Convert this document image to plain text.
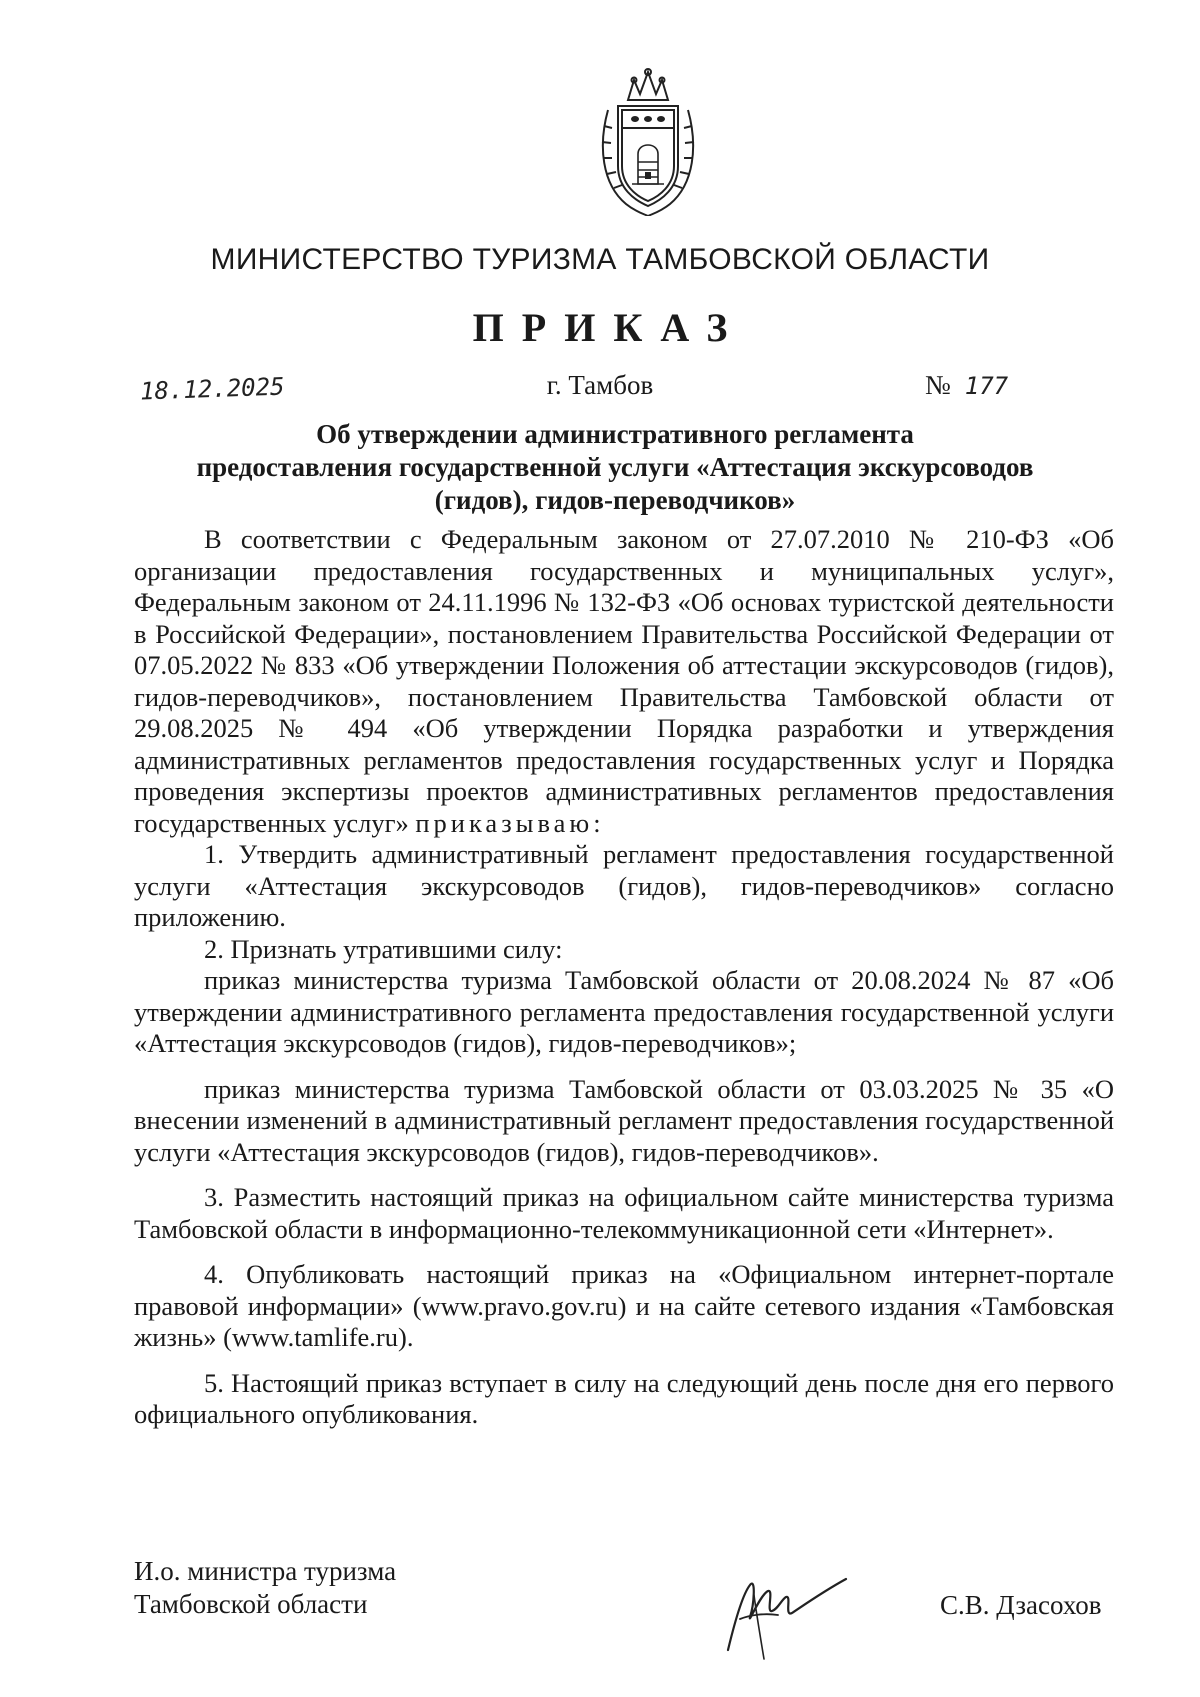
МИНИСТЕРСТВО ТУРИЗМА ТАМБОВСКОЙ ОБЛАСТИ
ПРИКАЗ
18.12.2025	г. Тамбов	№ 177
Об утверждении административного регламента
предоставления государственной услуги «Аттестация экскурсоводов
(гидов), гидов-переводчиков»

В соответствии с Федеральным законом от 27.07.2010 № 210-ФЗ «Об организации предоставления государственных и муниципальных услуг», Федеральным законом от 24.11.1996 № 132-ФЗ «Об основах туристской деятельности в Российской Федерации», постановлением Правительства Российской Федерации от 07.05.2022 № 833 «Об утверждении Положения об аттестации экскурсоводов (гидов), гидов-переводчиков», постановлением Правительства Тамбовской области от 29.08.2025 № 494 «Об утверждении Порядка разработки и утверждения административных регламентов предоставления государственных услуг и Порядка проведения экспертизы проектов административных регламентов предоставления государственных услуг» приказываю:

1. Утвердить административный регламент предоставления государственной услуги «Аттестация экскурсоводов (гидов), гидов-переводчиков» согласно приложению.

2. Признать утратившими силу:

приказ министерства туризма Тамбовской области от 20.08.2024 № 87 «Об утверждении административного регламента предоставления государственной услуги «Аттестация экскурсоводов (гидов), гидов-переводчиков»;

приказ министерства туризма Тамбовской области от 03.03.2025 № 35 «О внесении изменений в административный регламент предоставления государственной услуги «Аттестация экскурсоводов (гидов), гидов-переводчиков».

3. Разместить настоящий приказ на официальном сайте министерства туризма Тамбовской области в информационно-телекоммуникационной сети «Интернет».

4. Опубликовать настоящий приказ на «Официальном интернет-портале правовой информации» (www.pravo.gov.ru) и на сайте сетевого издания «Тамбовская жизнь» (www.tamlife.ru).

5. Настоящий приказ вступает в силу на следующий день после дня его первого официального опубликования.

И.о. министра туризма
Тамбовской области	С.В. Дзасохов
